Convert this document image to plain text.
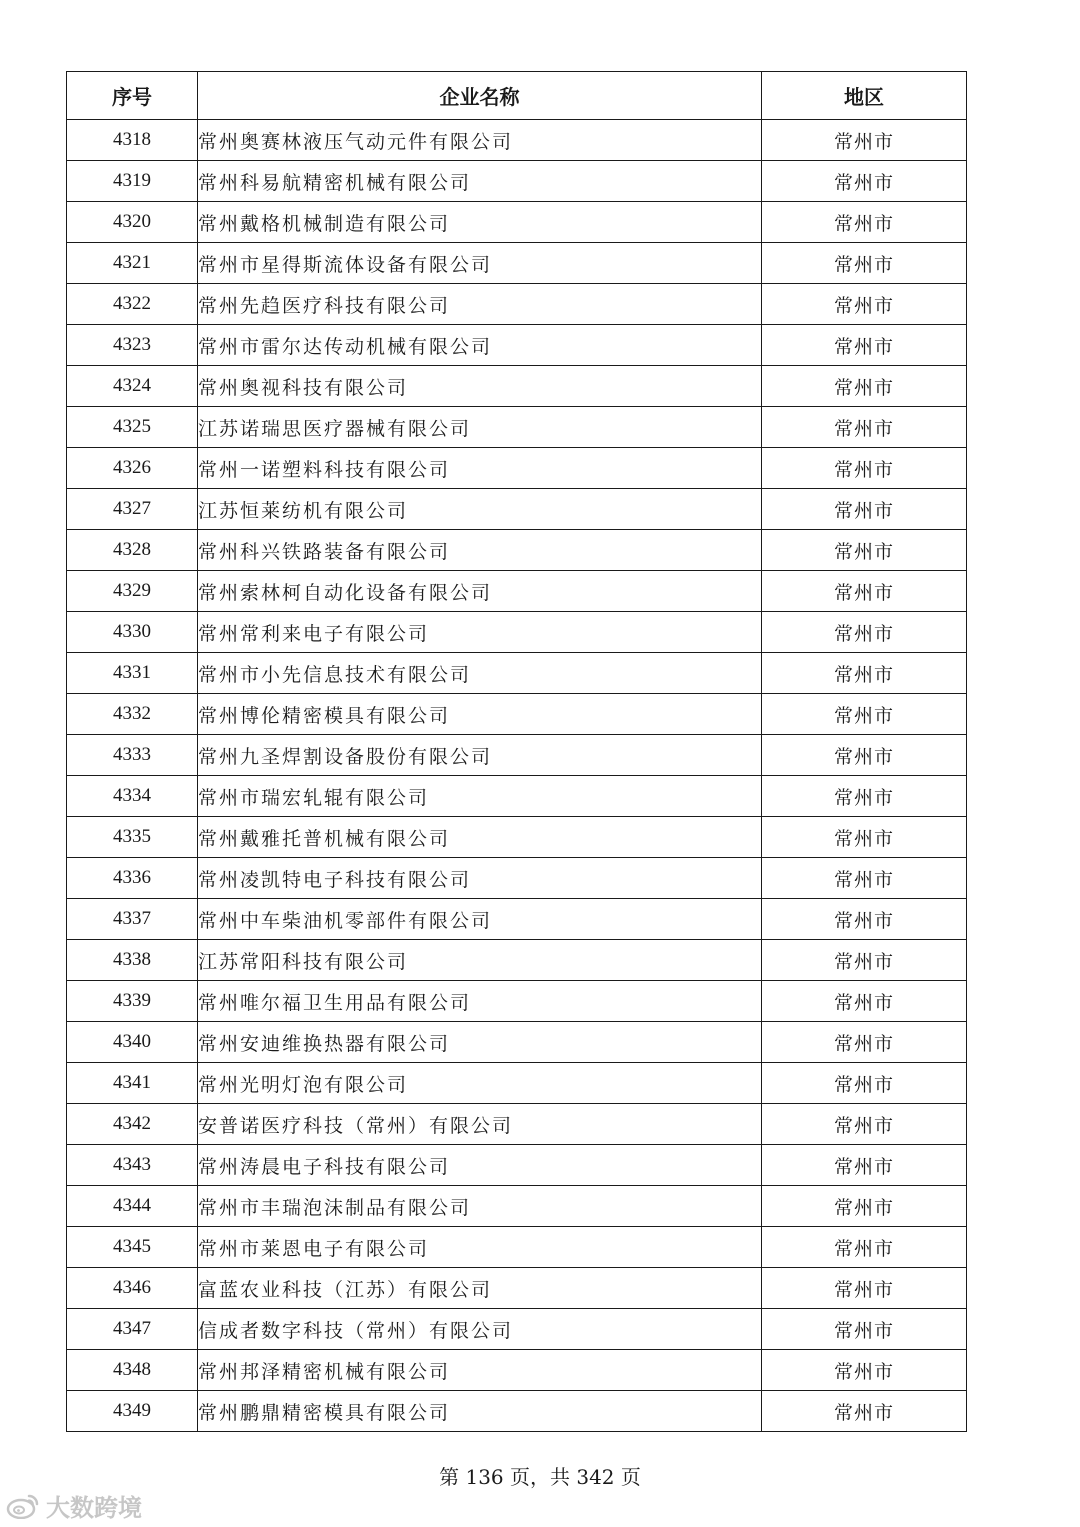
序号	企业名称	地区
4318	常州奥赛林液压气动元件有限公司	常州市
4319	常州科易航精密机械有限公司	常州市
4320	常州戴格机械制造有限公司	常州市
4321	常州市星得斯流体设备有限公司	常州市
4322	常州先趋医疗科技有限公司	常州市
4323	常州市雷尔达传动机械有限公司	常州市
4324	常州奥视科技有限公司	常州市
4325	江苏诺瑞思医疗器械有限公司	常州市
4326	常州一诺塑料科技有限公司	常州市
4327	江苏恒莱纺机有限公司	常州市
4328	常州科兴铁路装备有限公司	常州市
4329	常州索林柯自动化设备有限公司	常州市
4330	常州常利来电子有限公司	常州市
4331	常州市小先信息技术有限公司	常州市
4332	常州博伦精密模具有限公司	常州市
4333	常州九圣焊割设备股份有限公司	常州市
4334	常州市瑞宏轧辊有限公司	常州市
4335	常州戴雅托普机械有限公司	常州市
4336	常州凌凯特电子科技有限公司	常州市
4337	常州中车柴油机零部件有限公司	常州市
4338	江苏常阳科技有限公司	常州市
4339	常州唯尔福卫生用品有限公司	常州市
4340	常州安迪维换热器有限公司	常州市
4341	常州光明灯泡有限公司	常州市
4342	安普诺医疗科技（常州）有限公司	常州市
4343	常州涛晨电子科技有限公司	常州市
4344	常州市丰瑞泡沫制品有限公司	常州市
4345	常州市莱恩电子有限公司	常州市
4346	富蓝农业科技（江苏）有限公司	常州市
4347	信成者数字科技（常州）有限公司	常州市
4348	常州邦泽精密机械有限公司	常州市
4349	常州鹏鼎精密模具有限公司	常州市
第 136 页，共 342 页
大数跨境
